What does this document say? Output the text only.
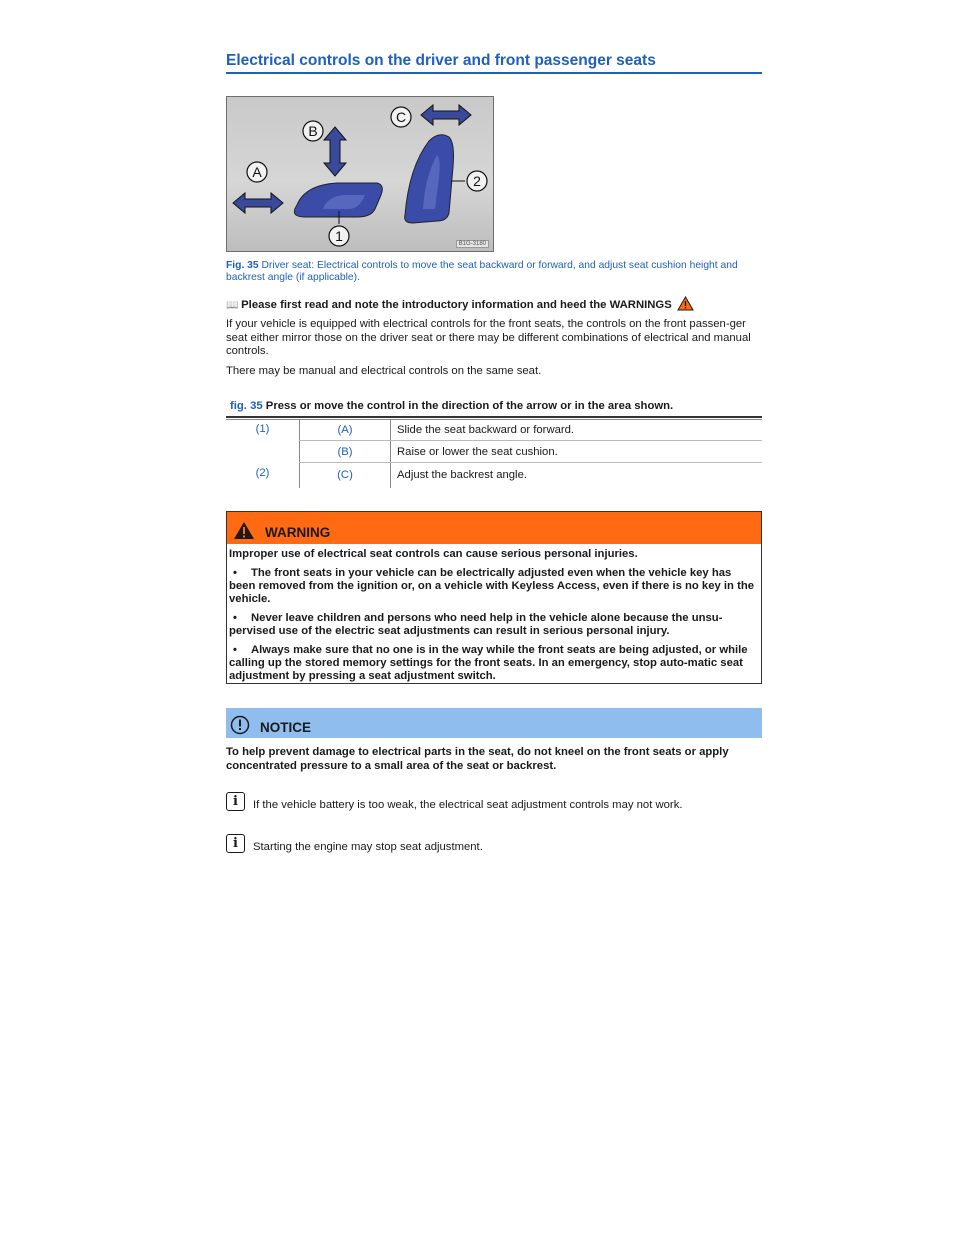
Electrical controls on the driver and front passenger seats
A
B
C
1
2
B1G-3180
Fig. 35 Driver seat: Electrical controls to move the seat backward or forward, and adjust seat cushion height and backrest angle (if applicable).
📖 Please first read and note the introductory information and heed the WARNINGS
If your vehicle is equipped with electrical controls for the front seats, the controls on the front passen-ger seat either mirror those on the driver seat or there may be different combinations of electrical and manual controls.
There may be manual and electrical controls on the same seat.
fig. 35 Press or move the control in the direction of the arrow or in the area shown.
(1)	(A)	Slide the seat backward or forward.
	(B)	Raise or lower the seat cushion.
(2)	(C)	Adjust the backrest angle.
WARNING

Improper use of electrical seat controls can cause serious personal injuries.

• The front seats in your vehicle can be electrically adjusted even when the vehicle key has been removed from the ignition or, on a vehicle with Keyless Access, even if there is no key in the vehicle.

• Never leave children and persons who need help in the vehicle alone because the unsu-pervised use of the electric seat adjustments can result in serious personal injury.

• Always make sure that no one is in the way while the front seats are being adjusted, or while calling up the stored memory settings for the front seats. In an emergency, stop auto-matic seat adjustment by pressing a seat adjustment switch.

NOTICE
To help prevent damage to electrical parts in the seat, do not kneel on the front seats or apply concentrated pressure to a small area of the seat or backrest.
i If the vehicle battery is too weak, the electrical seat adjustment controls may not work.
i Starting the engine may stop seat adjustment.
